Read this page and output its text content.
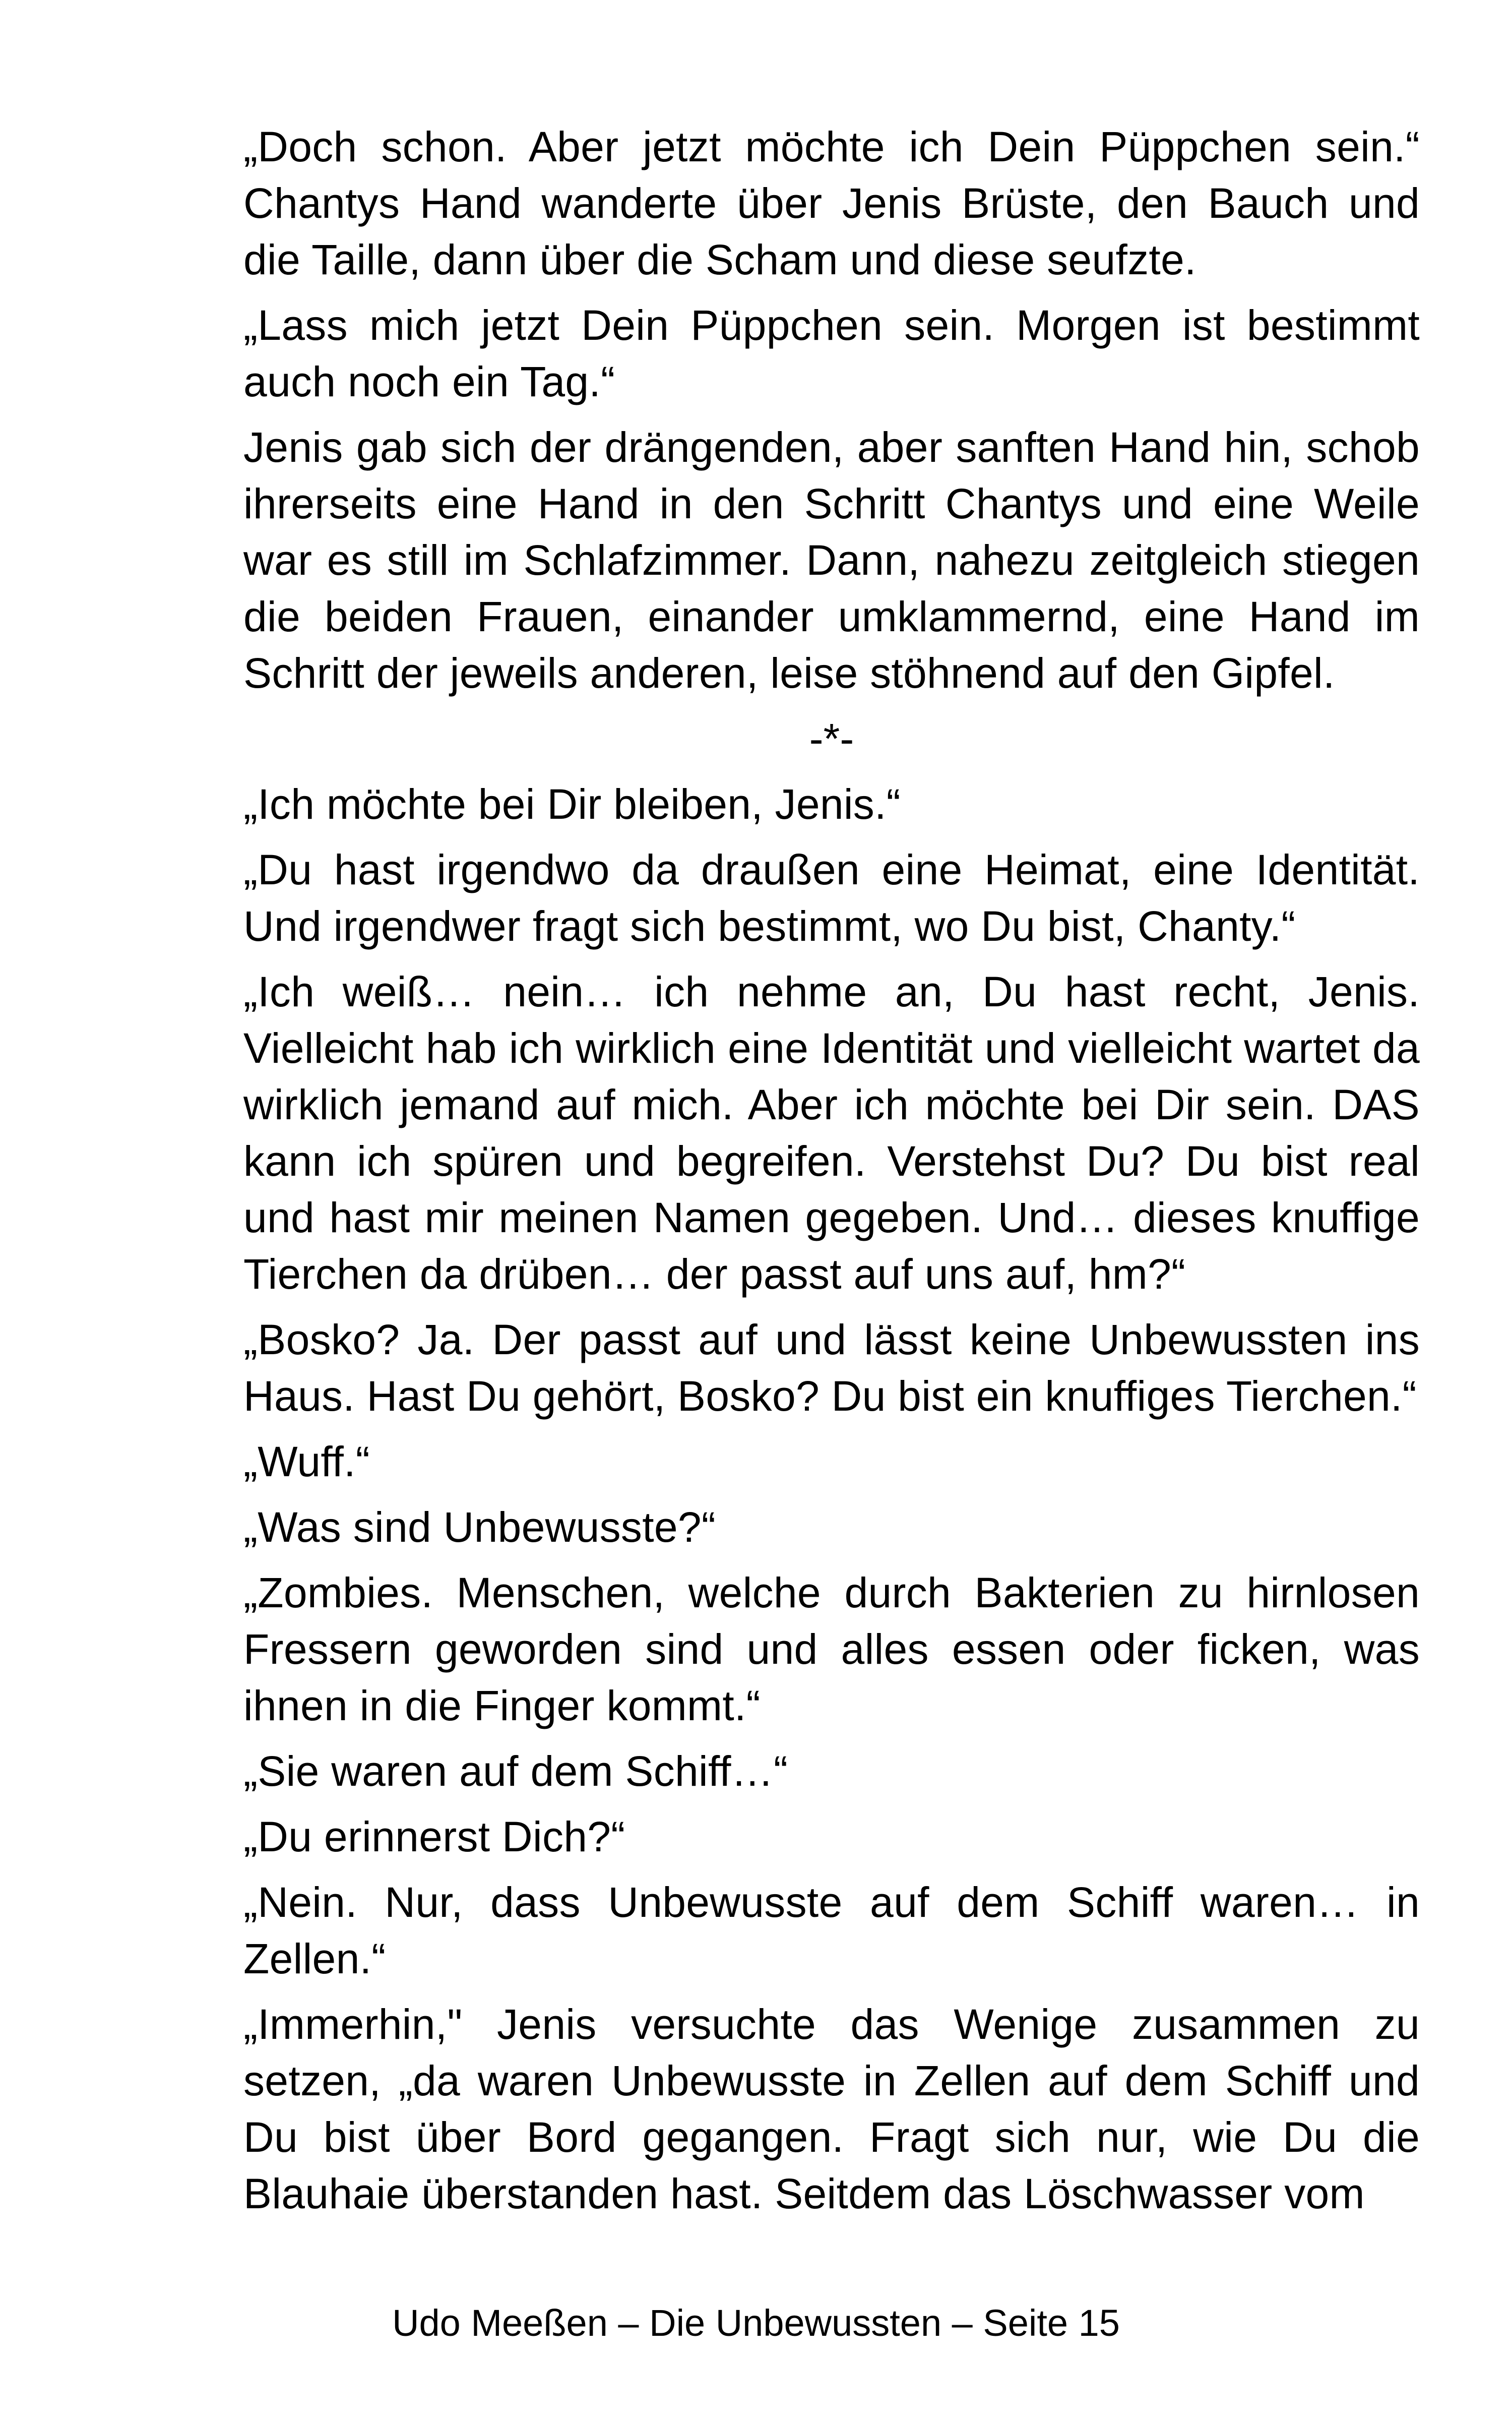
„Doch schon. Aber jetzt möchte ich Dein Püppchen sein.“ Chantys Hand wanderte über Jenis Brüste, den Bauch und die Taille, dann über die Scham und diese seufzte.

„Lass mich jetzt Dein Püppchen sein. Morgen ist bestimmt auch noch ein Tag.“

Jenis gab sich der drängenden, aber sanften Hand hin, schob ihrerseits eine Hand in den Schritt Chantys und eine Weile war es still im Schlafzimmer. Dann, nahezu zeitgleich stiegen die beiden Frauen, einander umklammernd, eine Hand im Schritt der jeweils anderen, leise stöhnend auf den Gipfel.

-*-

„Ich möchte bei Dir bleiben, Jenis.“

„Du hast irgendwo da draußen eine Heimat, eine Identität. Und irgendwer fragt sich bestimmt, wo Du bist, Chanty.“

„Ich weiß… nein… ich nehme an, Du hast recht, Jenis. Vielleicht hab ich wirklich eine Identität und vielleicht wartet da wirklich jemand auf mich. Aber ich möchte bei Dir sein. DAS kann ich spüren und begreifen. Verstehst Du? Du bist real und hast mir meinen Namen gegeben. Und… dieses knuffige Tierchen da drüben… der passt auf uns auf, hm?“

„Bosko? Ja. Der passt auf und lässt keine Unbewussten ins Haus. Hast Du gehört, Bosko? Du bist ein knuffiges Tierchen.“

„Wuff.“

„Was sind Unbewusste?“

„Zombies. Menschen, welche durch Bakterien zu hirnlosen Fressern geworden sind und alles essen oder ficken, was ihnen in die Finger kommt.“

„Sie waren auf dem Schiff…“

„Du erinnerst Dich?“

„Nein. Nur, dass Unbewusste auf dem Schiff waren… in Zellen.“

„Immerhin," Jenis versuchte das Wenige zusammen zu setzen, „da waren Unbewusste in Zellen auf dem Schiff und Du bist über Bord gegangen. Fragt sich nur, wie Du die Blauhaie überstanden hast. Seitdem das Löschwasser vom

Udo Meeßen – Die Unbewussten – Seite 15
